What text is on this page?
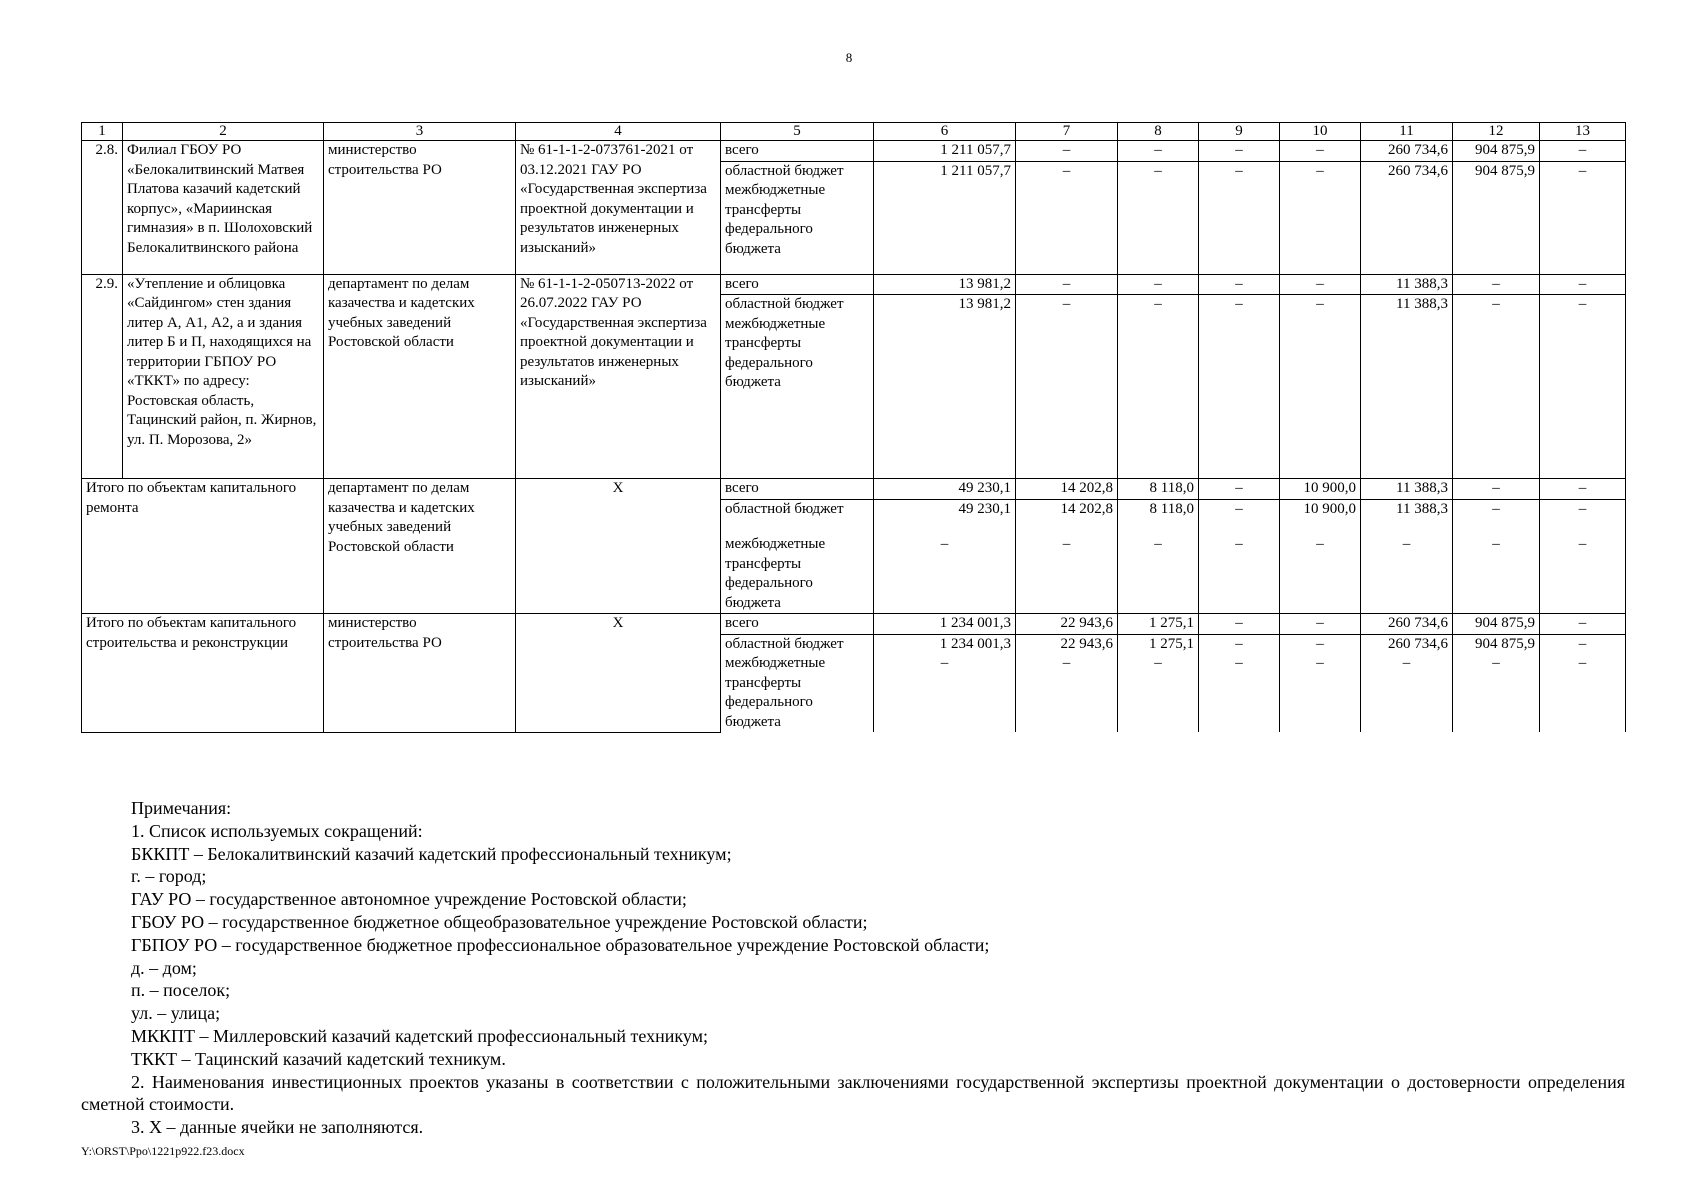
8
1	2	3	4	5	6	7	8	9	10	11	12	13
2.8.	Филиал ГБОУ РО «Белокалитвинский Матвея Платова казачий кадетский корпус», «Мариинская гимназия» в п. Шолоховский Белокалитвинского района	министерство строительства РО	№ 61-1-1-2-073761-2021 от 03.12.2021 ГАУ РО «Государственная экспертиза проектной документации и результатов инженерных изысканий»	всего	1 211 057,7	–	–	–	–	260 734,6	904 875,9	–
				областной бюджет	1 211 057,7	–	–	–	–	260 734,6	904 875,9	–
				межбюджетные трансферты федерального бюджета								
2.9.	«Утепление и облицовка «Сайдингом» стен здания литер А, А1, А2, а и здания литер Б и П, находящихся на территории ГБПОУ РО «ТККТ» по адресу: Ростовская область, Тацинский район, п. Жирнов, ул. П. Морозова, 2»	департамент по делам казачества и кадетских учебных заведений Ростовской области	№ 61-1-1-2-050713-2022 от 26.07.2022 ГАУ РО «Государственная экспертиза проектной документации и результатов инженерных изысканий»	всего	13 981,2	–	–	–	–	11 388,3	–	–
				областной бюджет	13 981,2	–	–	–	–	11 388,3	–	–
				межбюджетные трансферты федерального бюджета								
Итого по объектам капитального ремонта		департамент по делам казачества и кадетских учебных заведений Ростовской области	Х	всего	49 230,1	14 202,8	8 118,0	–	10 900,0	11 388,3	–	–
				областной бюджет	49 230,1	14 202,8	8 118,0	–	10 900,0	11 388,3	–	–
				межбюджетные трансферты федерального бюджета	–	–	–	–	–	–	–	–
Итого по объектам капитального строительства и реконструкции		министерство строительства РО	Х	всего	1 234 001,3	22 943,6	1 275,1	–	–	260 734,6	904 875,9	–
				областной бюджет	1 234 001,3	22 943,6	1 275,1	–	–	260 734,6	904 875,9	–
				межбюджетные трансферты федерального бюджета	–	–	–	–	–	–	–	–

Примечания:

1. Список используемых сокращений:

БККПТ – Белокалитвинский казачий кадетский профессиональный техникум;

г. – город;

ГАУ РО – государственное автономное учреждение Ростовской области;

ГБОУ РО – государственное бюджетное общеобразовательное учреждение Ростовской области;

ГБПОУ РО – государственное бюджетное профессиональное образовательное учреждение Ростовской области;

д. – дом;

п. – поселок;

ул. – улица;

МККПТ – Миллеровский казачий кадетский профессиональный техникум;

ТККТ – Тацинский казачий кадетский техникум.

2. Наименования инвестиционных проектов указаны в соответствии с положительными заключениями государственной экспертизы проектной документации о достоверности определения сметной стоимости.

3. Х – данные ячейки не заполняются.

Y:\ORST\Ppo\1221p922.f23.docx
